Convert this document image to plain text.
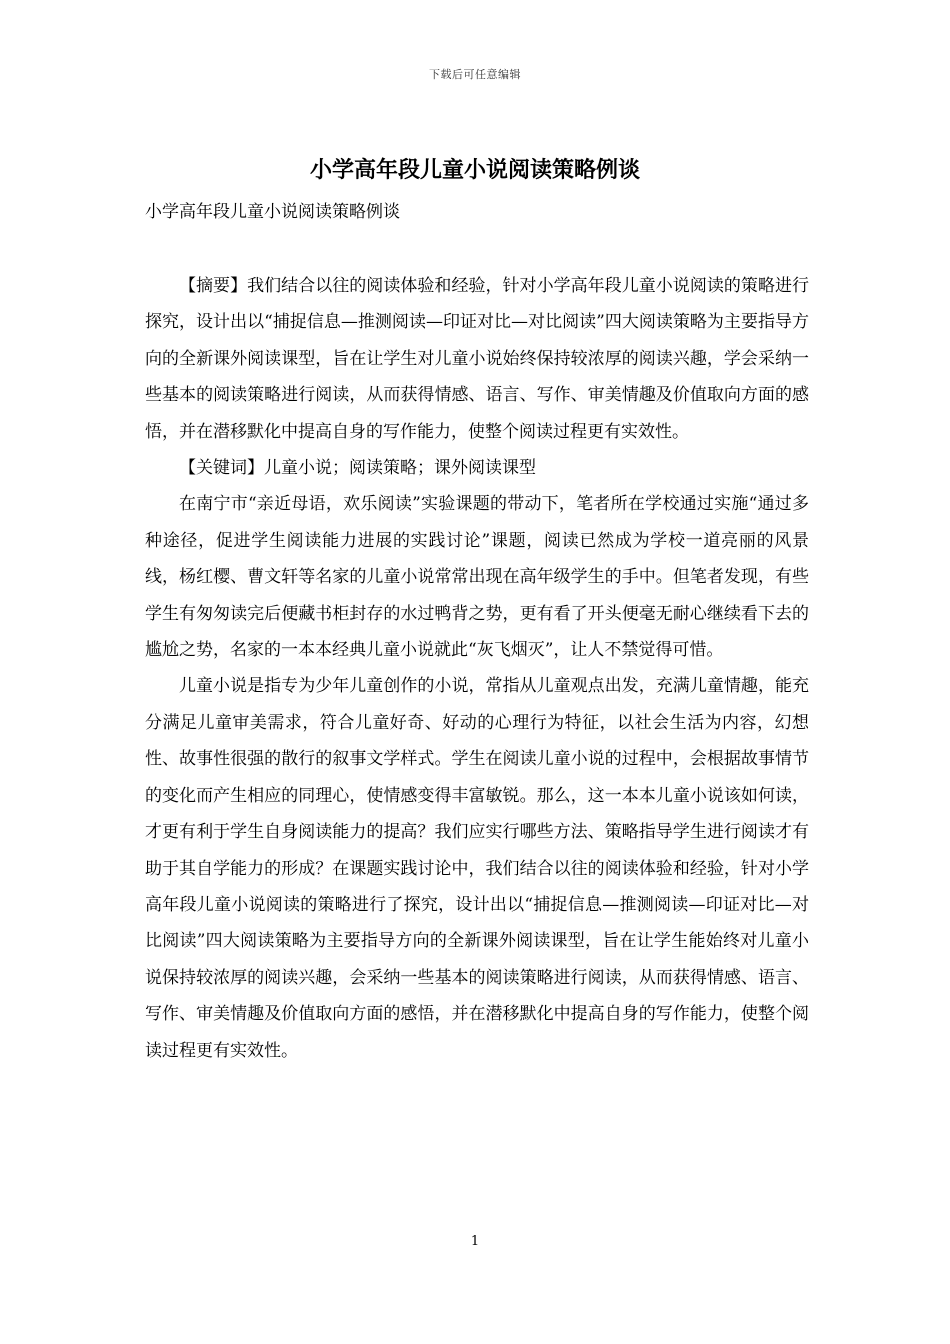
下载后可任意编辑
小学高年段儿童小说阅读策略例谈

小学高年段儿童小说阅读策略例谈

【摘要】我们结合以往的阅读体验和经验，针对小学高年段儿童小说阅读的策略进行探究，设计出以“捕捉信息—推测阅读—印证对比—对比阅读”四大阅读策略为主要指导方向的全新课外阅读课型，旨在让学生对儿童小说始终保持较浓厚的阅读兴趣，学会采纳一些基本的阅读策略进行阅读，从而获得情感、语言、写作、审美情趣及价值取向方面的感悟，并在潜移默化中提高自身的写作能力，使整个阅读过程更有实效性。

【关键词】儿童小说；阅读策略；课外阅读课型

在南宁市“亲近母语，欢乐阅读”实验课题的带动下，笔者所在学校通过实施“通过多种途径，促进学生阅读能力进展的实践讨论”课题，阅读已然成为学校一道亮丽的风景线，杨红樱、曹文轩等名家的儿童小说常常出现在高年级学生的手中。但笔者发现，有些学生有匆匆读完后便藏书柜封存的水过鸭背之势，更有看了开头便毫无耐心继续看下去的尴尬之势，名家的一本本经典儿童小说就此“灰飞烟灭”，让人不禁觉得可惜。

儿童小说是指专为少年儿童创作的小说，常指从儿童观点出发，充满儿童情趣，能充分满足儿童审美需求，符合儿童好奇、好动的心理行为特征，以社会生活为内容，幻想性、故事性很强的散行的叙事文学样式。学生在阅读儿童小说的过程中，会根据故事情节的变化而产生相应的同理心，使情感变得丰富敏锐。那么，这一本本儿童小说该如何读，才更有利于学生自身阅读能力的提高？我们应实行哪些方法、策略指导学生进行阅读才有助于其自学能力的形成？在课题实践讨论中，我们结合以往的阅读体验和经验，针对小学高年段儿童小说阅读的策略进行了探究，设计出以“捕捉信息—推测阅读—印证对比—对比阅读”四大阅读策略为主要指导方向的全新课外阅读课型，旨在让学生能始终对儿童小说保持较浓厚的阅读兴趣，会采纳一些基本的阅读策略进行阅读，从而获得情感、语言、写作、审美情趣及价值取向方面的感悟，并在潜移默化中提高自身的写作能力，使整个阅读过程更有实效性。

1
